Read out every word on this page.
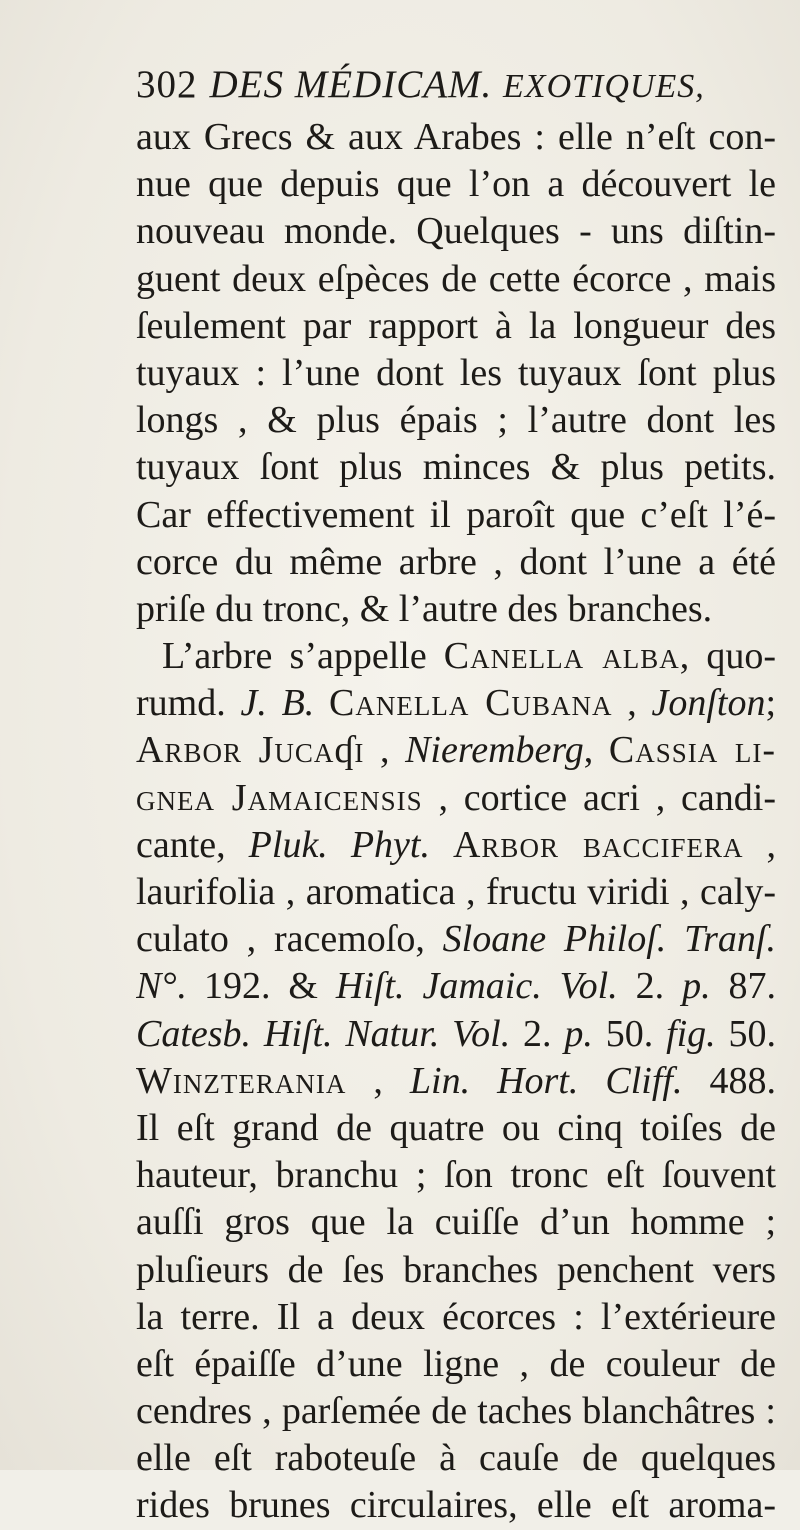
302 DES MÉDICAM. EXOTIQUES,
aux Grecs & aux Arabes : elle n’eſt con-
nue que depuis que l’on a découvert le
nouveau monde. Quelques - uns diſtin-
guent deux eſpèces de cette écorce , mais
ſeulement par rapport à la longueur des
tuyaux : l’une dont les tuyaux ſont plus
longs , & plus épais ; l’autre dont les
tuyaux ſont plus minces & plus petits.
Car effectivement il paroît que c’eſt l’é-
corce du même arbre , dont l’une a été
priſe du tronc, & l’autre des branches.
L’arbre s’appelle Canella alba, quo-
rumd. J. B. Canella Cubana , Jonſton;
Arbor Jucaʠi , Nieremberg, Cassia li-
gnea Jamaicensis , cortice acri , candi-
cante, Pluk. Phyt. Arbor baccifera ,
laurifolia , aromatica , fructu viridi , caly-
culato , racemoſo, Sloane Philoſ. Tranſ.
N°. 192. & Hiſt. Jamaic. Vol. 2. p. 87.
Catesb. Hiſt. Natur. Vol. 2. p. 50. fig. 50.
Winzterania , Lin. Hort. Cliff. 488.
Il eſt grand de quatre ou cinq toiſes de
hauteur, branchu ; ſon tronc eſt ſouvent
auſſi gros que la cuiſſe d’un homme ;
pluſieurs de ſes branches penchent vers
la terre. Il a deux écorces : l’extérieure
eſt épaiſſe d’une ligne , de couleur de
cendres , parſemée de taches blanchâtres :
elle eſt raboteuſe à cauſe de quelques
rides brunes circulaires, elle eſt aroma-
